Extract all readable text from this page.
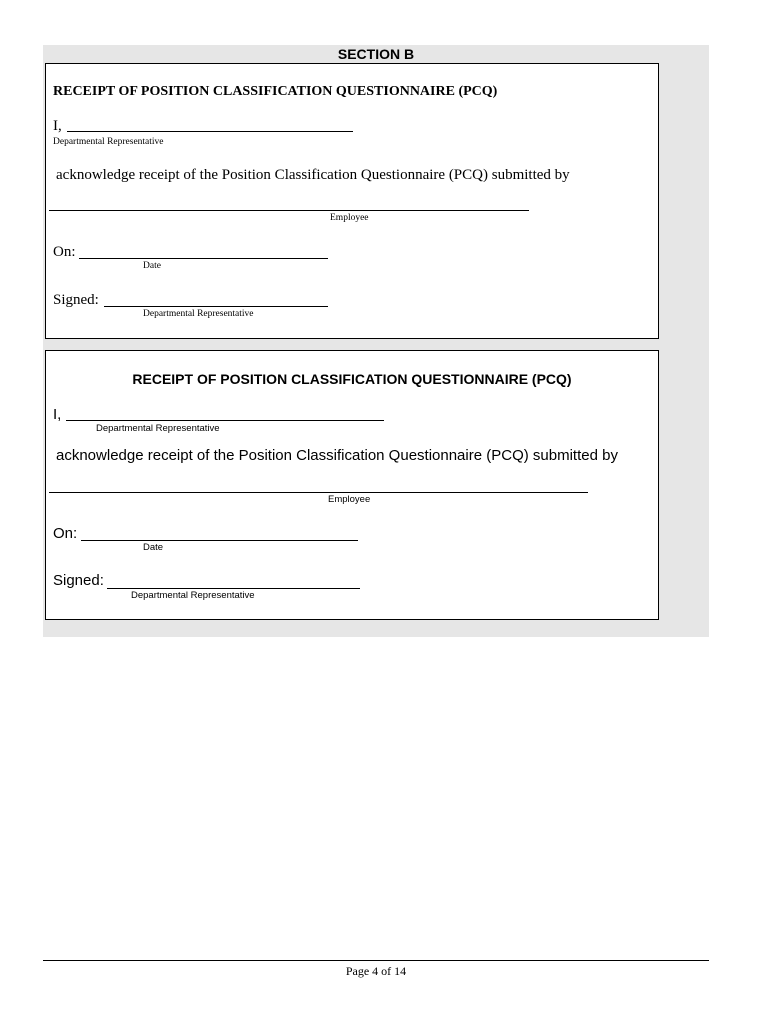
SECTION B
RECEIPT OF POSITION CLASSIFICATION QUESTIONNAIRE (PCQ)
I,
Departmental Representative
acknowledge receipt of the Position Classification Questionnaire (PCQ) submitted by
Employee
On:
Date
Signed:
Departmental Representative
RECEIPT OF POSITION CLASSIFICATION QUESTIONNAIRE (PCQ)
I,
Departmental Representative
acknowledge receipt of the Position Classification Questionnaire (PCQ) submitted by
Employee
On:
Date
Signed:
Departmental Representative
Page 4 of 14
